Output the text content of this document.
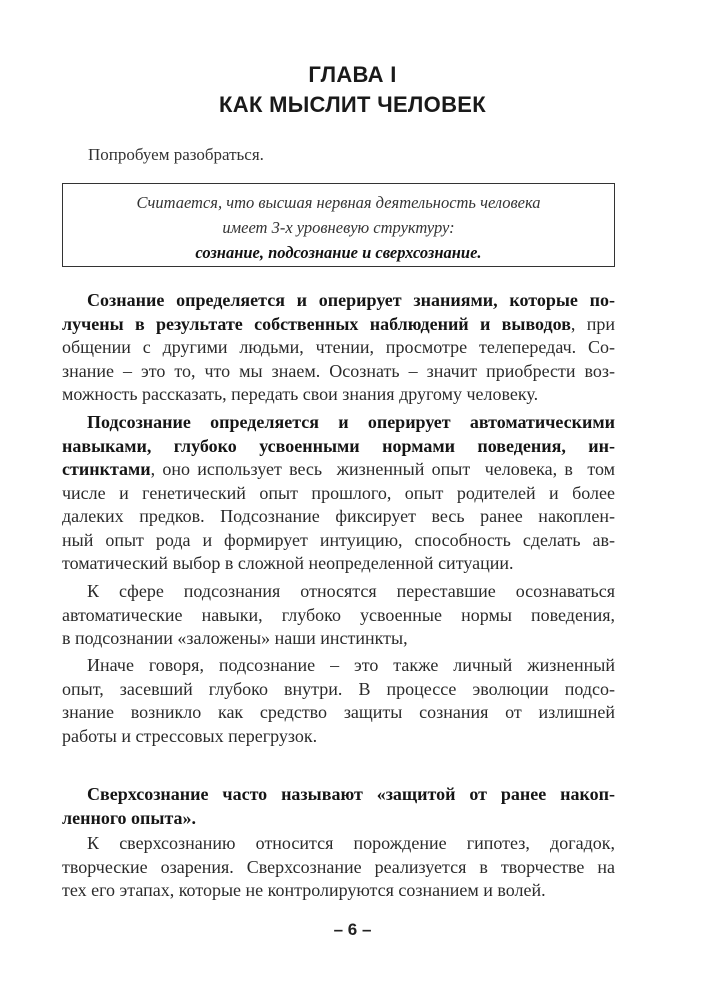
ГЛАВА I
КАК МЫСЛИТ ЧЕЛОВЕК
Попробуем разобраться.
Считается, что высшая нервная деятельность человека
имеет 3-х уровневую структуру:
сознание, подсознание и сверхсознание.
Сознание определяется и оперирует знаниями, которые по-
лучены в результате собственных наблюдений и выводов, при
общении с другими людьми, чтении, просмотре телепередач. Со-
знание – это то, что мы знаем. Осознать – значит приобрести воз-
можность рассказать, передать свои знания другому человеку.
Подсознание определяется и оперирует автоматическими
навыками, глубоко усвоенными нормами поведения, ин-
стинктами, оно использует весь  жизненный опыт  человека, в  том
числе и генетический опыт прошлого, опыт родителей и более
далеких предков. Подсознание фиксирует весь ранее накоплен-
ный опыт рода и формирует интуицию, способность сделать ав-
томатический выбор в сложной неопределенной ситуации.
К сфере подсознания относятся переставшие осознаваться
автоматические навыки, глубоко усвоенные нормы поведения,
в подсознании «заложены» наши инстинкты,
Иначе говоря, подсознание – это также личный жизненный
опыт, засевший глубоко внутри. В процессе эволюции подсо-
знание возникло как средство защиты сознания от излишней
работы и стрессовых перегрузок.
Сверхсознание часто называют «защитой от ранее накоп-
ленного опыта».
К сверхсознанию относится порождение гипотез, догадок,
творческие озарения. Сверхсознание реализуется в творчестве на
тех его этапах, которые не контролируются сознанием и волей.
– 6 –
